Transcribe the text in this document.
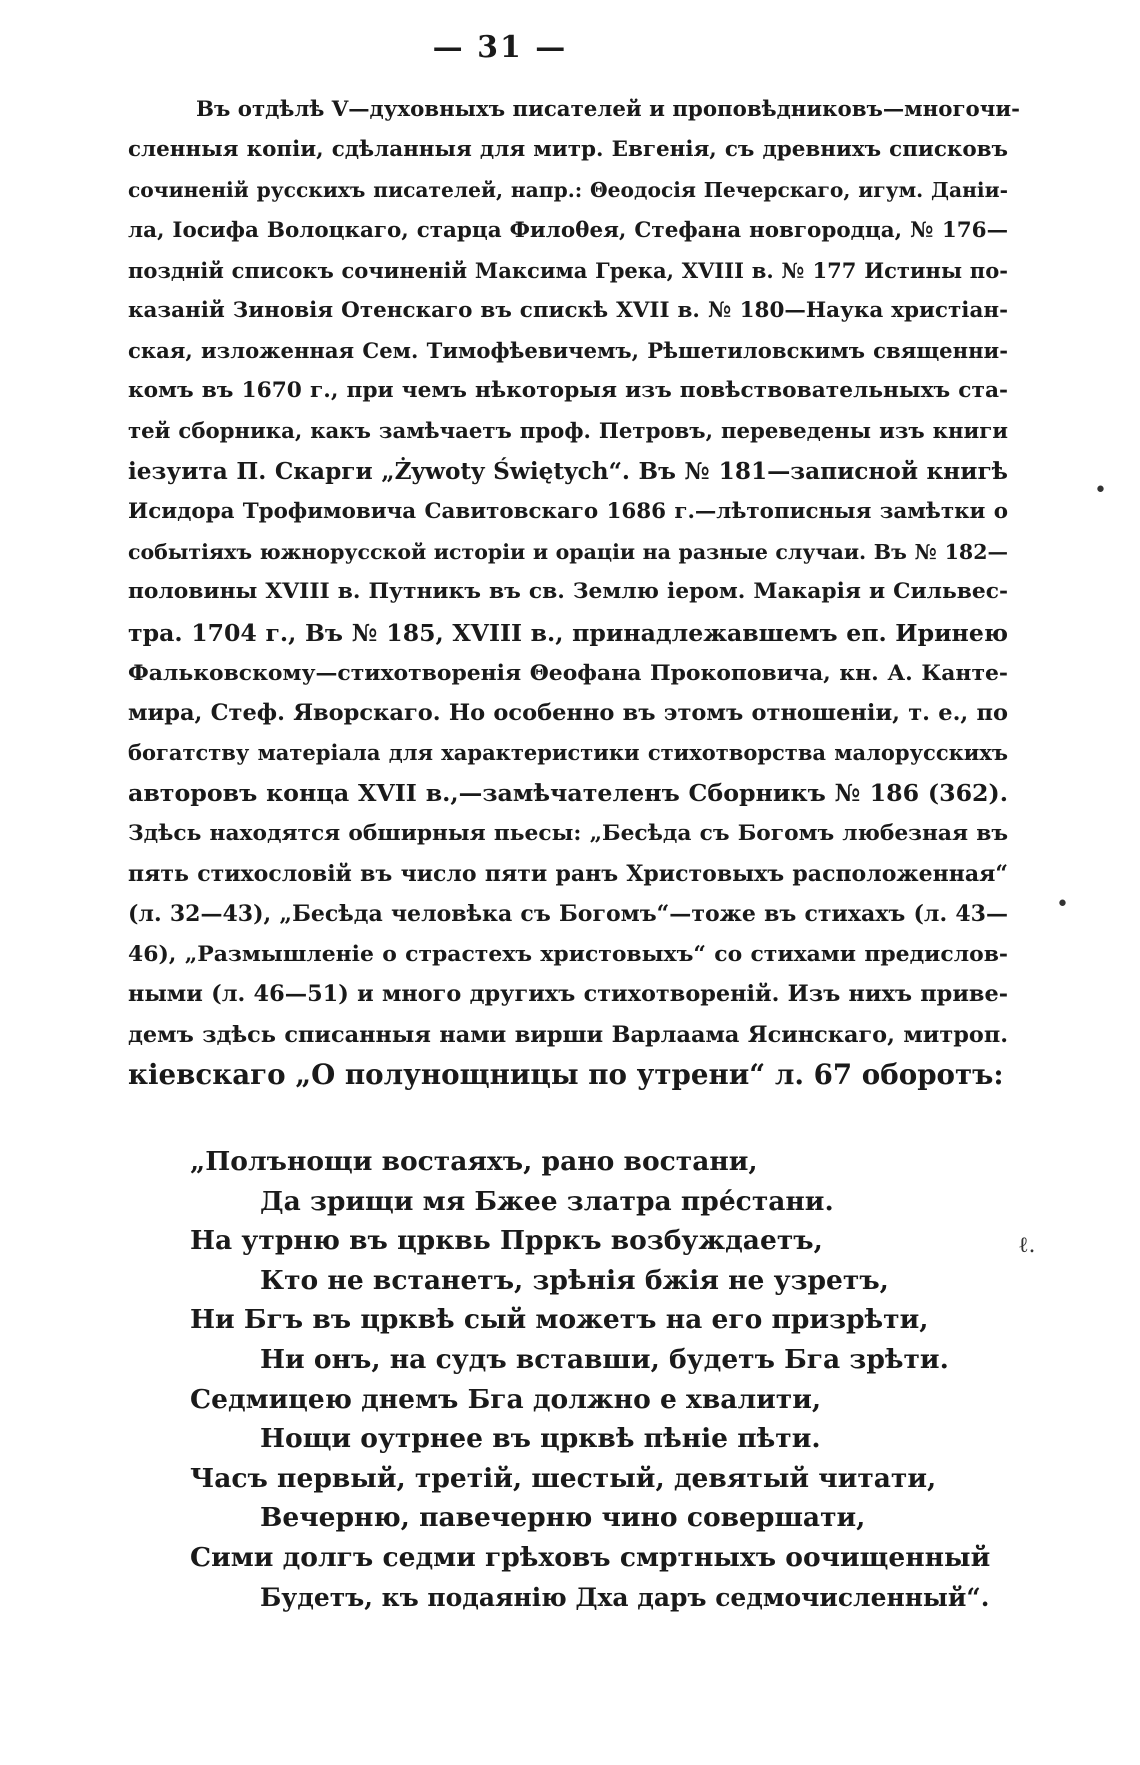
— 31 —
Въ отдѣлѣ V—духовныхъ писателей и проповѣдниковъ—многочи-
сленныя копіи, сдѣланныя для митр. Евгенія, съ древнихъ списковъ
сочиненій русскихъ писателей, напр.: Θеодосія Печерскаго, игум. Данiи-
ла, Іосифа Волоцкаго, старца Филоθея, Стефана новгородца, № 176—
поздній списокъ сочиненій Максима Грека, XVIII в. № 177 Истины по-
казаній Зиновія Отенскаго въ спискѣ XVII в. № 180—Наука христіан-
ская, изложенная Сем. Тимофѣевичемъ, Рѣшетиловскимъ священни-
комъ въ 1670 г., при чемъ нѣкоторыя изъ повѣствовательныхъ ста-
тей сборника, какъ замѣчаетъ проф. Петровъ, переведены изъ книги
іезуита П. Скарги „Żywoty Świętych“. Въ № 181—записной книгѣ
Исидора Трофимовича Савитовскаго 1686 г.—лѣтописныя замѣтки о
событіяхъ южнорусской исторіи и ораціи на разные случаи. Въ № 182—
половины XVIII в. Путникъ въ св. Землю іером. Макарія и Сильвес-
тра. 1704 г., Въ № 185, XVIII в., принадлежавшемъ еп. Иринею
Фальковскому—стихотворенія Θеофана Прокоповича, кн. А. Канте-
мира, Стеф. Яворскаго. Но особенно въ этомъ отношеніи, т. е., по
богатству матеріала для характеристики стихотворства малорусскихъ
авторовъ конца XVII в.,—замѣчателенъ Сборникъ № 186 (362).
Здѣсь находятся обширныя пьесы: „Бесѣда съ Богомъ любезная въ
пять стихословій въ число пяти ранъ Христовыхъ расположенная“
(л. 32—43), „Бесѣда человѣка съ Богомъ“—тоже въ стихахъ (л. 43—
46), „Размышленіе о страстехъ христовыхъ“ со стихами предислов-
ными (л. 46—51) и много другихъ стихотвореній. Изъ нихъ приве-
демъ здѣсь списанныя нами вирши Варлаама Ясинскаго, митроп.
кіевскаго „О полунощницы по утрени“ л. 67 оборотъ:
„Полънощи востаяхъ, рано востани,
Да зрищи мя Бжее златра пре́стани.
На утрню въ црквь Прркъ возбуждаетъ,
Кто не встанетъ, зрѣнія бжія не узретъ,
Ни Бгъ въ црквѣ сый можетъ на его призрѣти,
Ни онъ, на судъ вставши, будетъ Бга зрѣти.
Седмицею днемъ Бга должно е хвалити,
Нощи оутрнее въ црквѣ пѣніе пѣти.
Часъ первый, третій, шестый, девятый читати,
Вечерню, павечерню чино совершати,
Сими долгъ седми грѣховъ смртныхъ оочищенный
Будетъ, къ подаянію Дха даръ седмочисленный“.
ℓ.
•
•
